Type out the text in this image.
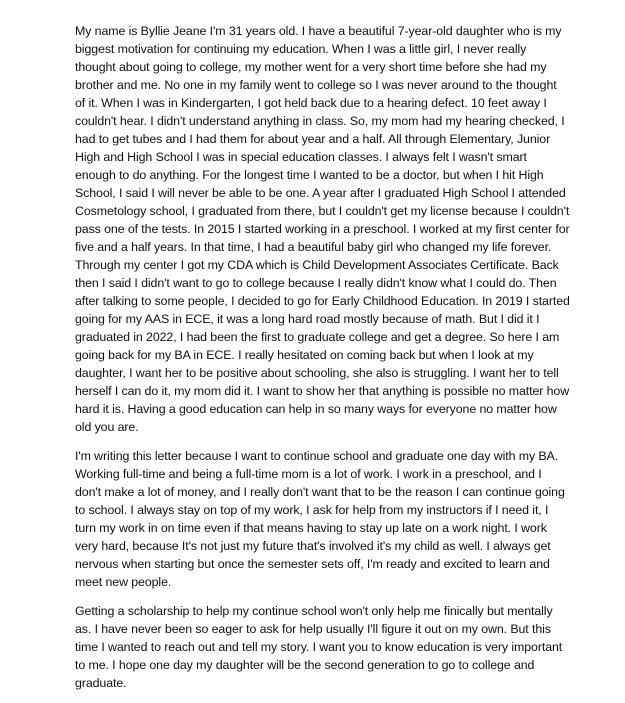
My name is Byllie Jeane I'm 31 years old. I have a beautiful 7-year-old daughter who is my biggest motivation for continuing my education. When I was a little girl, I never really thought about going to college, my mother went for a very short time before she had my brother and me. No one in my family went to college so I was never around to the thought of it. When I was in Kindergarten, I got held back due to a hearing defect. 10 feet away I couldn't hear. I didn't understand anything in class. So, my mom had my hearing checked, I had to get tubes and I had them for about year and a half. All through Elementary, Junior High and High School I was in special education classes. I always felt I wasn't smart enough to do anything. For the longest time I wanted to be a doctor, but when I hit High School, I said I will never be able to be one. A year after I graduated High School I attended Cosmetology school, I graduated from there, but I couldn't get my license because I couldn't pass one of the tests. In 2015 I started working in a preschool. I worked at my first center for five and a half years. In that time, I had a beautiful baby girl who changed my life forever. Through my center I got my CDA which is Child Development Associates Certificate. Back then I said I didn't want to go to college because I really didn't know what I could do. Then after talking to some people, I decided to go for Early Childhood Education. In 2019 I started going for my AAS in ECE, it was a long hard road mostly because of math. But I did it I graduated in 2022, I had been the first to graduate college and get a degree. So here I am going back for my BA in ECE. I really hesitated on coming back but when I look at my daughter, I want her to be positive about schooling, she also is struggling. I want her to tell herself I can do it, my mom did it. I want to show her that anything is possible no matter how hard it is. Having a good education can help in so many ways for everyone no matter how old you are.

I'm writing this letter because I want to continue school and graduate one day with my BA. Working full-time and being a full-time mom is a lot of work. I work in a preschool, and I don't make a lot of money, and I really don't want that to be the reason I can continue going to school. I always stay on top of my work, I ask for help from my instructors if I need it, I turn my work in on time even if that means having to stay up late on a work night. I work very hard, because It's not just my future that's involved it's my child as well. I always get nervous when starting but once the semester sets off, I'm ready and excited to learn and meet new people.

Getting a scholarship to help my continue school won't only help me finically but mentally as. I have never been so eager to ask for help usually I'll figure it out on my own. But this time I wanted to reach out and tell my story. I want you to know education is very important to me. I hope one day my daughter will be the second generation to go to college and graduate.
